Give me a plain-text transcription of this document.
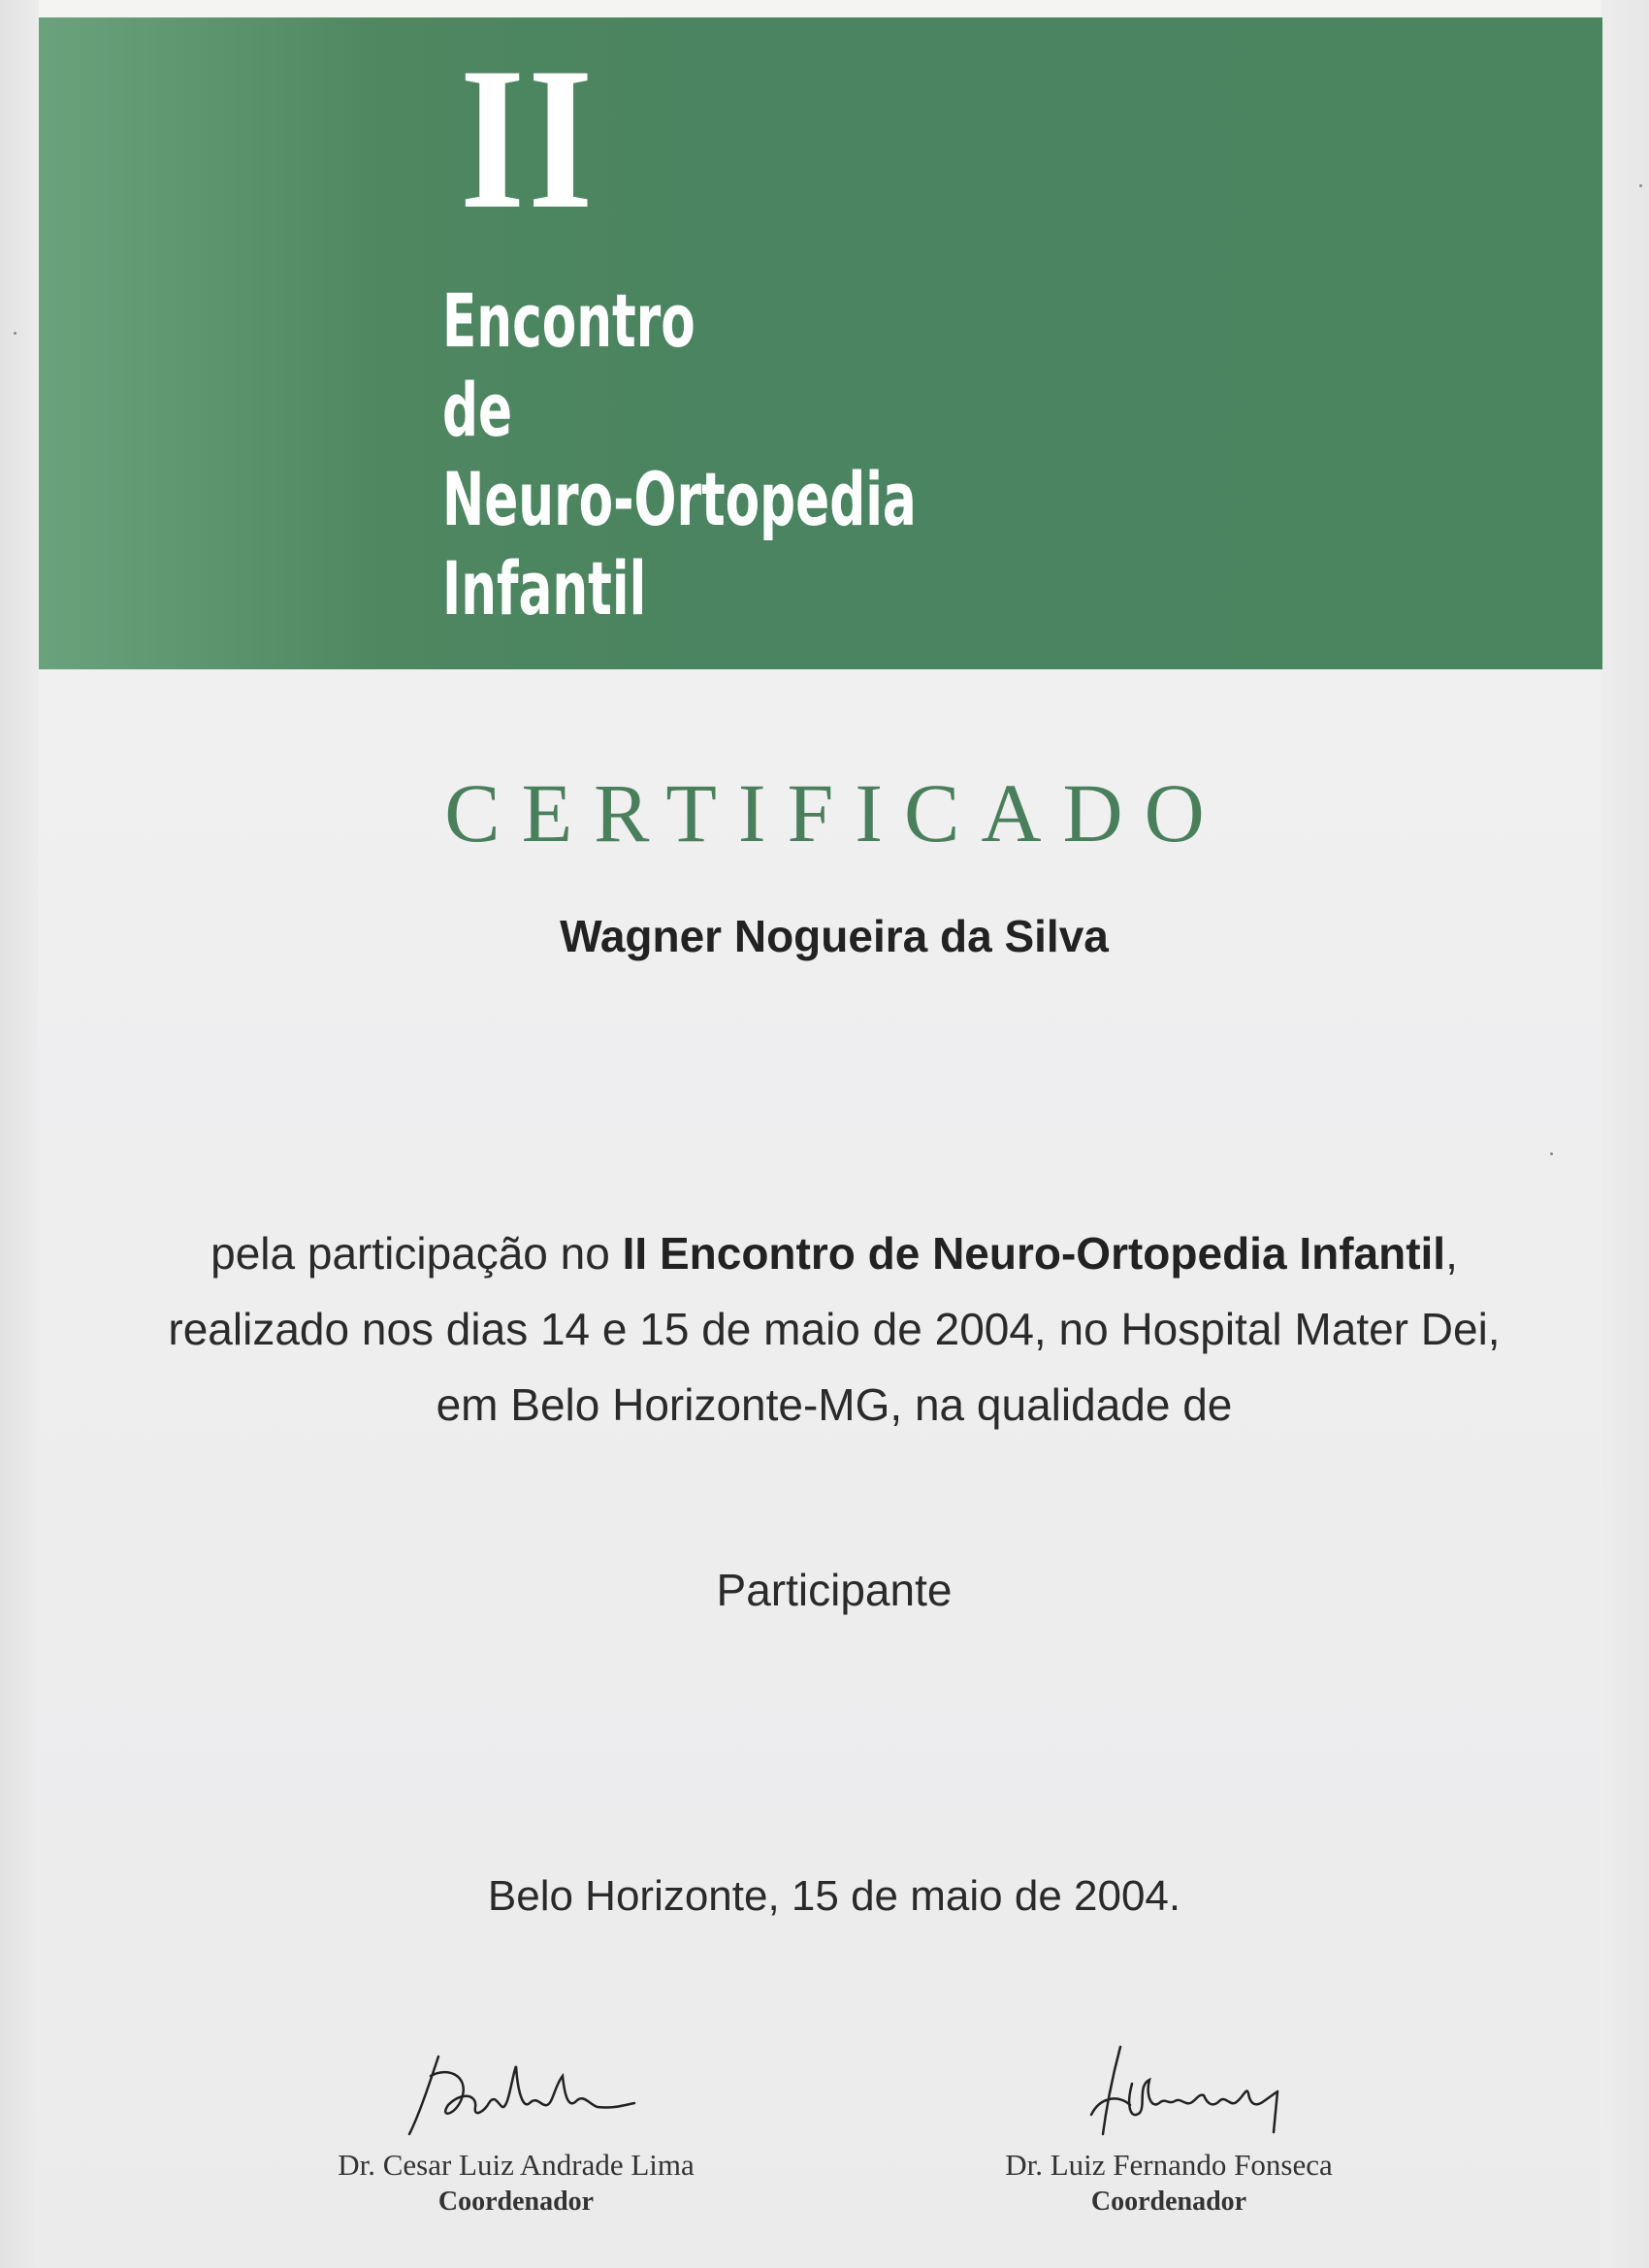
II
Encontro
de
Neuro-Ortopedia
Infantil
CERTIFICADO
Wagner Nogueira da Silva
pela participação no II Encontro de Neuro-Ortopedia Infantil,
realizado nos dias 14 e 15 de maio de 2004, no Hospital Mater Dei,
em Belo Horizonte-MG, na qualidade de
Participante
Belo Horizonte, 15 de maio de 2004.
Dr. Cesar Luiz Andrade Lima
Coordenador
Dr. Luiz Fernando Fonseca
Coordenador
